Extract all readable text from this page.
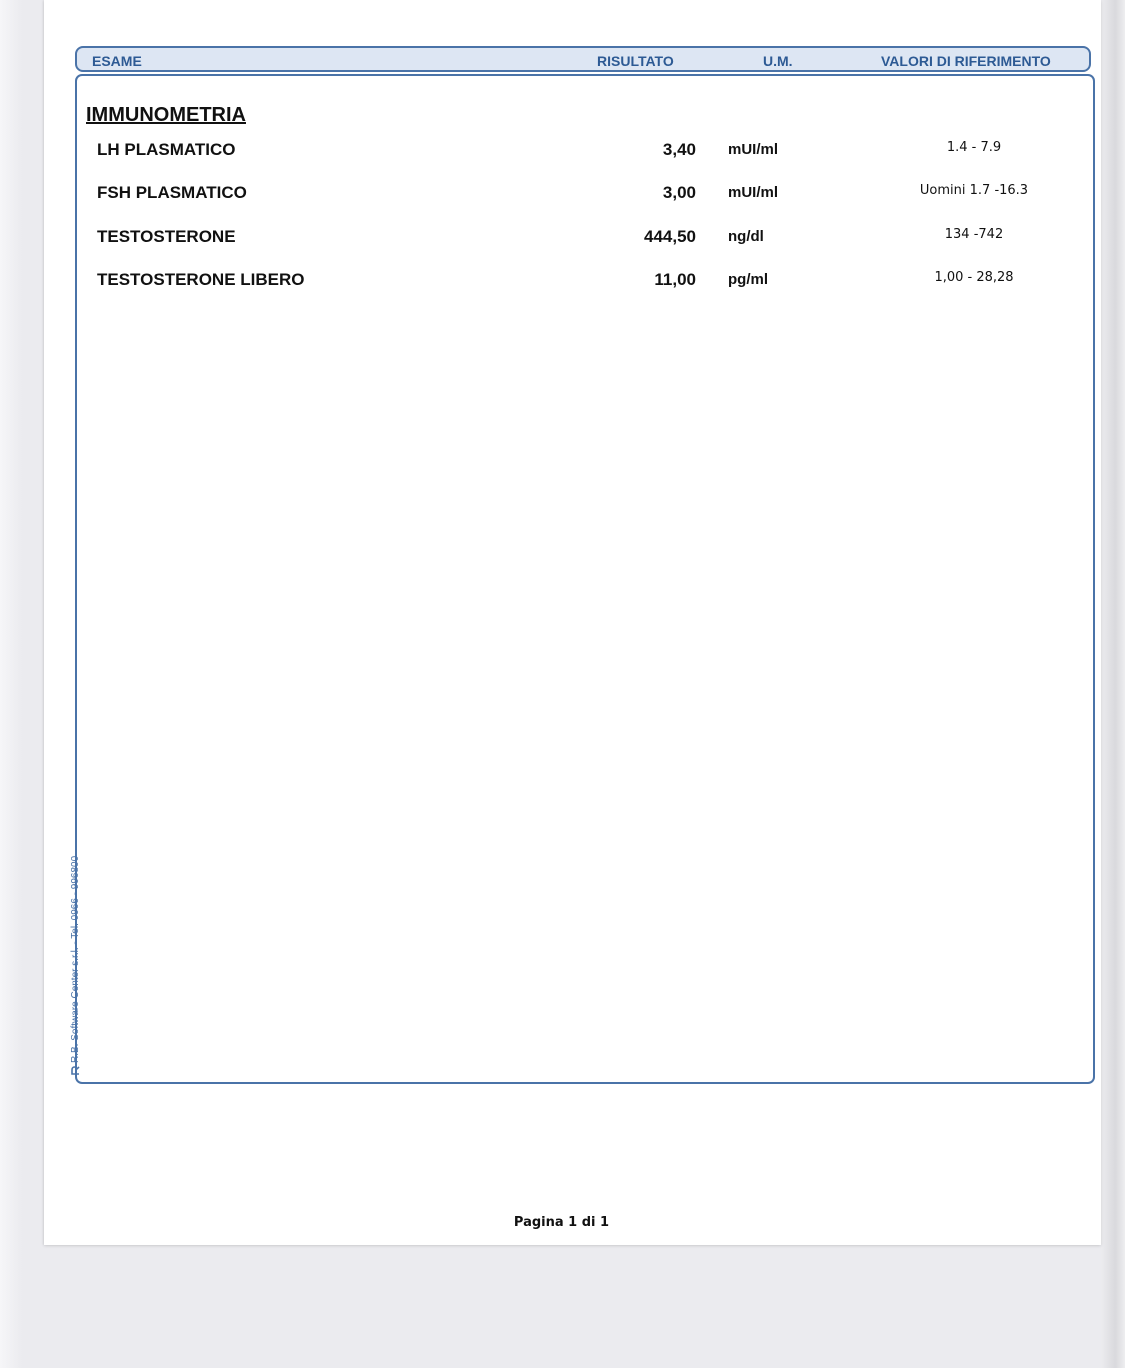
ESAME	RISULTATO	U.M.	VALORI DI RIFERIMENTO
IMMUNOMETRIA
LH PLASMATICO	3,40 mUI/ml	1.4 - 7.9
FSH PLASMATICO	3,00 mUI/ml	Uomini 1.7 -16.3
TESTOSTERONE	444,50 ng/dl	134 -742
TESTOSTERONE LIBERO	11,00 pg/ml	1,00 - 28,28
R.B. Software Center s.r.l. - Tel. 0966 - 996800
Pagina 1 di 1
